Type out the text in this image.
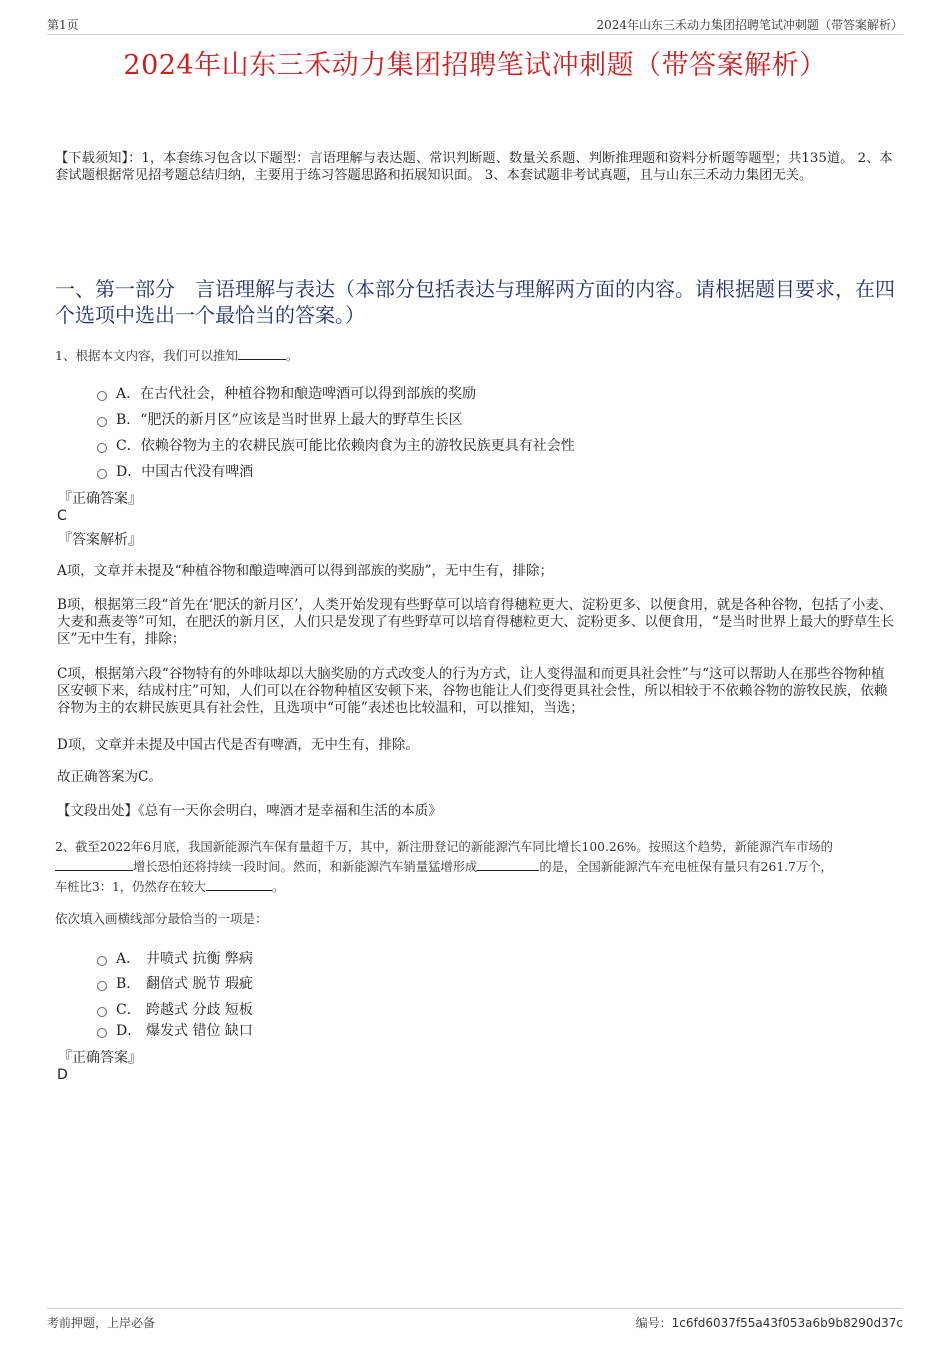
第1页	2024年山东三禾动力集团招聘笔试冲刺题（带答案解析）
2024年山东三禾动力集团招聘笔试冲刺题（带答案解析）
【下载须知】：1，本套练习包含以下题型：言语理解与表达题、常识判断题、数量关系题、判断推理题和资料分析题等题型；共135道。 2、本套试题根据常见招考题总结归纳，主要用于练习答题思路和拓展知识面。 3、本套试题非考试真题，且与山东三禾动力集团无关。
一、第一部分　言语理解与表达（本部分包括表达与理解两方面的内容。请根据题目要求，在四个选项中选出一个最恰当的答案。）
1、根据本文内容，我们可以推知	。
A．在古代社会，种植谷物和酿造啤酒可以得到部族的奖励
B．“肥沃的新月区”应该是当时世界上最大的野草生长区
C．依赖谷物为主的农耕民族可能比依赖肉食为主的游牧民族更具有社会性
D．中国古代没有啤酒
『正确答案』
C
『答案解析』
A项，文章并未提及“种植谷物和酿造啤酒可以得到部族的奖励”，无中生有，排除；
B项，根据第三段“首先在‘肥沃的新月区’，人类开始发现有些野草可以培育得穗粒更大、淀粉更多、以便食用，就是各种谷物，包括了小麦、大麦和燕麦等”可知，在肥沃的新月区，人们只是发现了有些野草可以培育得穗粒更大、淀粉更多、以便食用，“是当时世界上最大的野草生长区”无中生有，排除；
C项，根据第六段“谷物特有的外啡呔却以大脑奖励的方式改变人的行为方式，让人变得温和而更具社会性”与“这可以帮助人在那些谷物种植区安顿下来，结成村庄”可知，人们可以在谷物种植区安顿下来，谷物也能让人们变得更具社会性，所以相较于不依赖谷物的游牧民族，依赖谷物为主的农耕民族更具有社会性，且选项中“可能”表述也比较温和，可以推知，当选；
D项，文章并未提及中国古代是否有啤酒，无中生有，排除。
故正确答案为C。
【文段出处】《总有一天你会明白，啤酒才是幸福和生活的本质》
2、截至2022年6月底，我国新能源汽车保有量超千万，其中，新注册登记的新能源汽车同比增长100.26%。按照这个趋势，新能源汽车市场的
增长恐怕还将持续一段时间。然而，和新能源汽车销量猛增形成	的是，全国新能源汽车充电桩保有量只有261.7万个，
车桩比3：1，仍然存在较大	。
依次填入画横线部分最恰当的一项是：
A． 井喷式 抗衡 弊病
B． 翻倍式 脱节 瑕疵
C． 跨越式 分歧 短板
D． 爆发式 错位 缺口
『正确答案』
D
考前押题，上岸必备	编号：1c6fd6037f55a43f053a6b9b8290d37c
